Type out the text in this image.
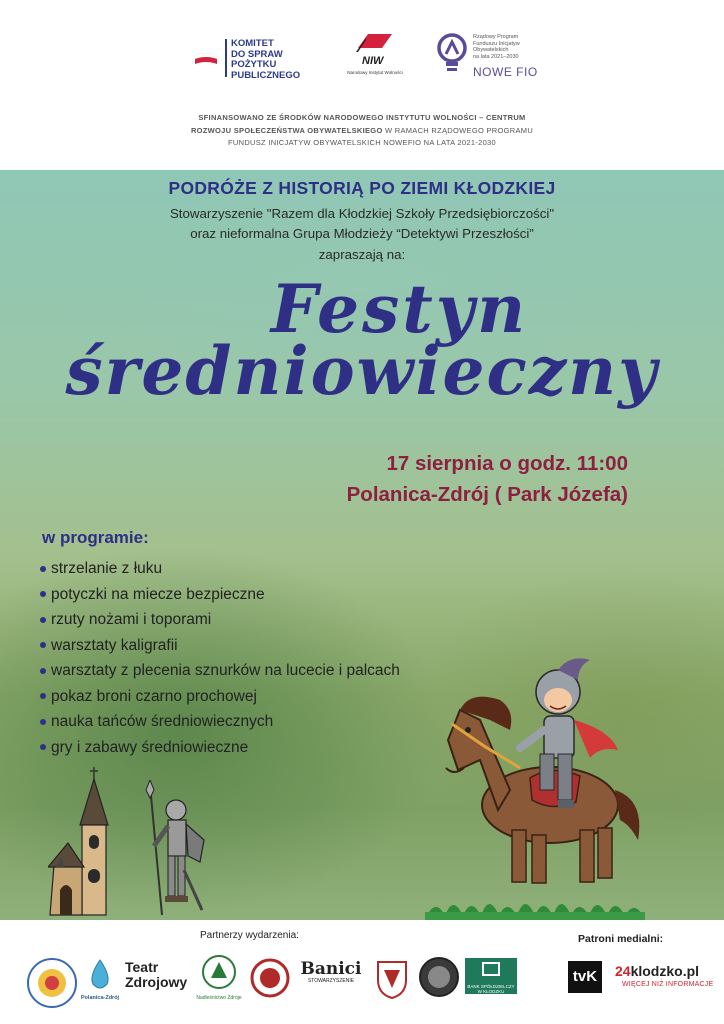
KOMITET
DO SPRAW
POŻYTKU
PUBLICZNEGO
NIW
Narodowy Instytut Wolności
Rządowy Program
Funduszu Inicjatyw
Obywatelskich
na lata 2021–2030
NOWE FIO
SFINANSOWANO ZE ŚRODKÓW NARODOWEGO INSTYTUTU WOLNOŚCI – CENTRUM
ROZWOJU SPOŁECZEŃSTWA OBYWATELSKIEGO W RAMACH RZĄDOWEGO PROGRAMU
FUNDUSZ INICJATYW OBYWATELSKICH NOWEFIO NA LATA 2021-2030
PODRÓŻE Z HISTORIĄ PO ZIEMI KŁODZKIEJ
Stowarzyszenie "Razem dla Kłodzkiej Szkoły Przedsiębiorczości"
oraz nieformalna Grupa Młodzieży “Detektywi Przeszłości”
zapraszają na:
Festyn
średniowieczny
17 sierpnia o godz. 11:00
Polanica-Zdrój ( Park Józefa)
w programie:
strzelanie z łuku
potyczki na miecze bezpieczne
rzuty nożami i toporami
warsztaty kaligrafii
warsztaty z plecenia sznurków na lucecie i palcach
pokaz broni czarno prochowej
nauka tańców średniowiecznych
gry i zabawy średniowieczne
Partnerzy wydarzenia:	Patroni medialni:
Polanica-Zdrój
Teatr
Zdrojowy
Nadleśnictwo Zdroje
Banici
STOWARZYSZENIE
BANK SPÓŁDZIELCZY W KŁODZKU
tvK	24klodzko.pl
WIĘCEJ NIŻ INFORMACJE
